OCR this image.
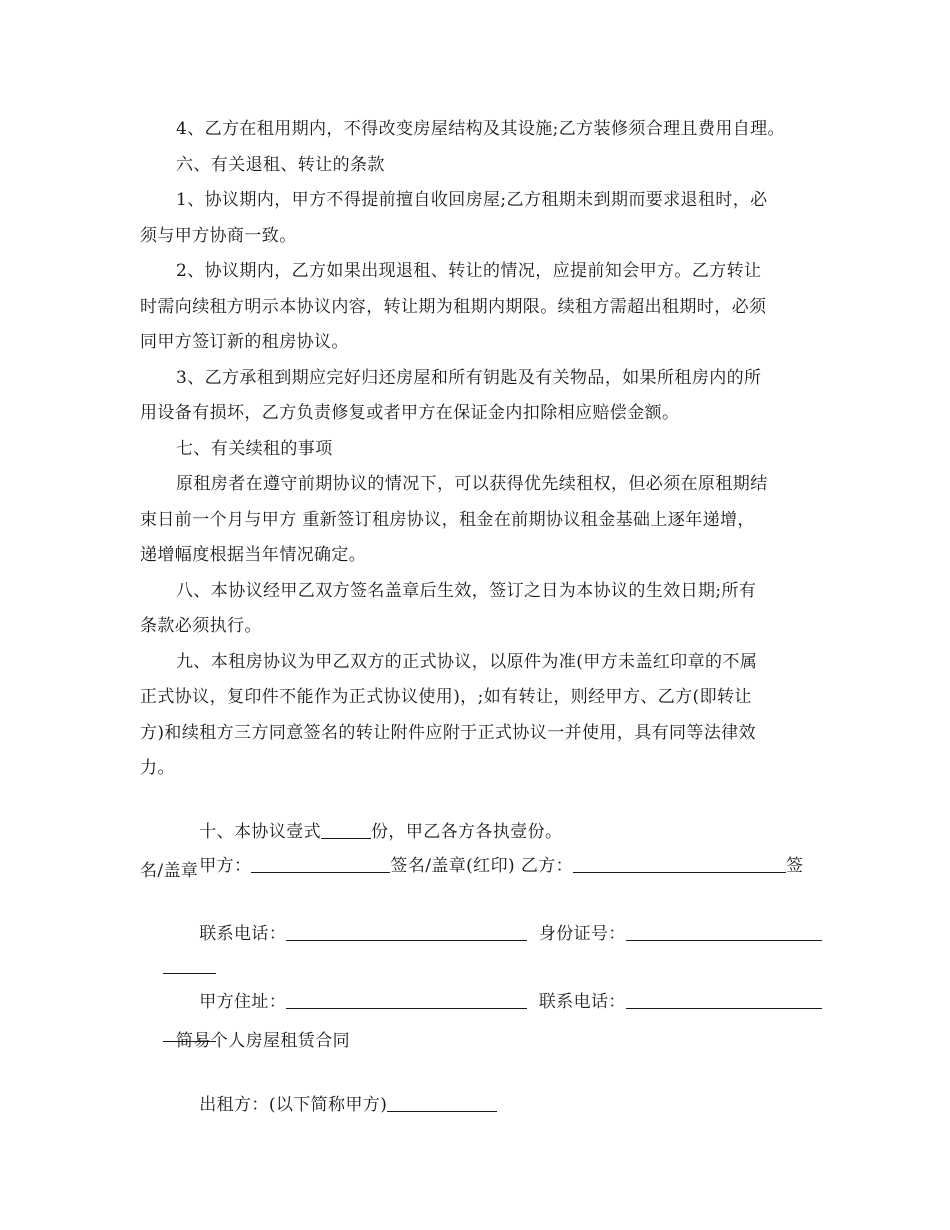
4、乙方在租用期内，不得改变房屋结构及其设施;乙方装修须合理且费用自理。
六、有关退租、转让的条款
1、协议期内，甲方不得提前擅自收回房屋;乙方租期未到期而要求退租时，必
须与甲方协商一致。
2、协议期内，乙方如果出现退租、转让的情况，应提前知会甲方。乙方转让
时需向续租方明示本协议内容，转让期为租期内期限。续租方需超出租期时，必须
同甲方签订新的租房协议。
3、乙方承租到期应完好归还房屋和所有钥匙及有关物品，如果所租房内的所
用设备有损坏，乙方负责修复或者甲方在保证金内扣除相应赔偿金额。
七、有关续租的事项
原租房者在遵守前期协议的情况下，可以获得优先续租权，但必须在原租期结
束日前一个月与甲方 重新签订租房协议，租金在前期协议租金基础上逐年递增，
递增幅度根据当年情况确定。
八、本协议经甲乙双方签名盖章后生效，签订之日为本协议的生效日期;所有
条款必须执行。
九、本租房协议为甲乙双方的正式协议，以原件为准(甲方未盖红印章的不属
正式协议，复印件不能作为正式协议使用)，;如有转让，则经甲方、乙方(即转让
方)和续租方三方同意签名的转让附件应附于正式协议一并使用，具有同等法律效
力。

十、本协议壹式	份，甲乙各方各执壹份。

甲方：	签名/盖章(红印) 乙方：	签

名/盖章

联系电话：	身份证号：

甲方住址：	联系电话：

简易个人房屋租赁合同

出租方：(以下简称甲方)
